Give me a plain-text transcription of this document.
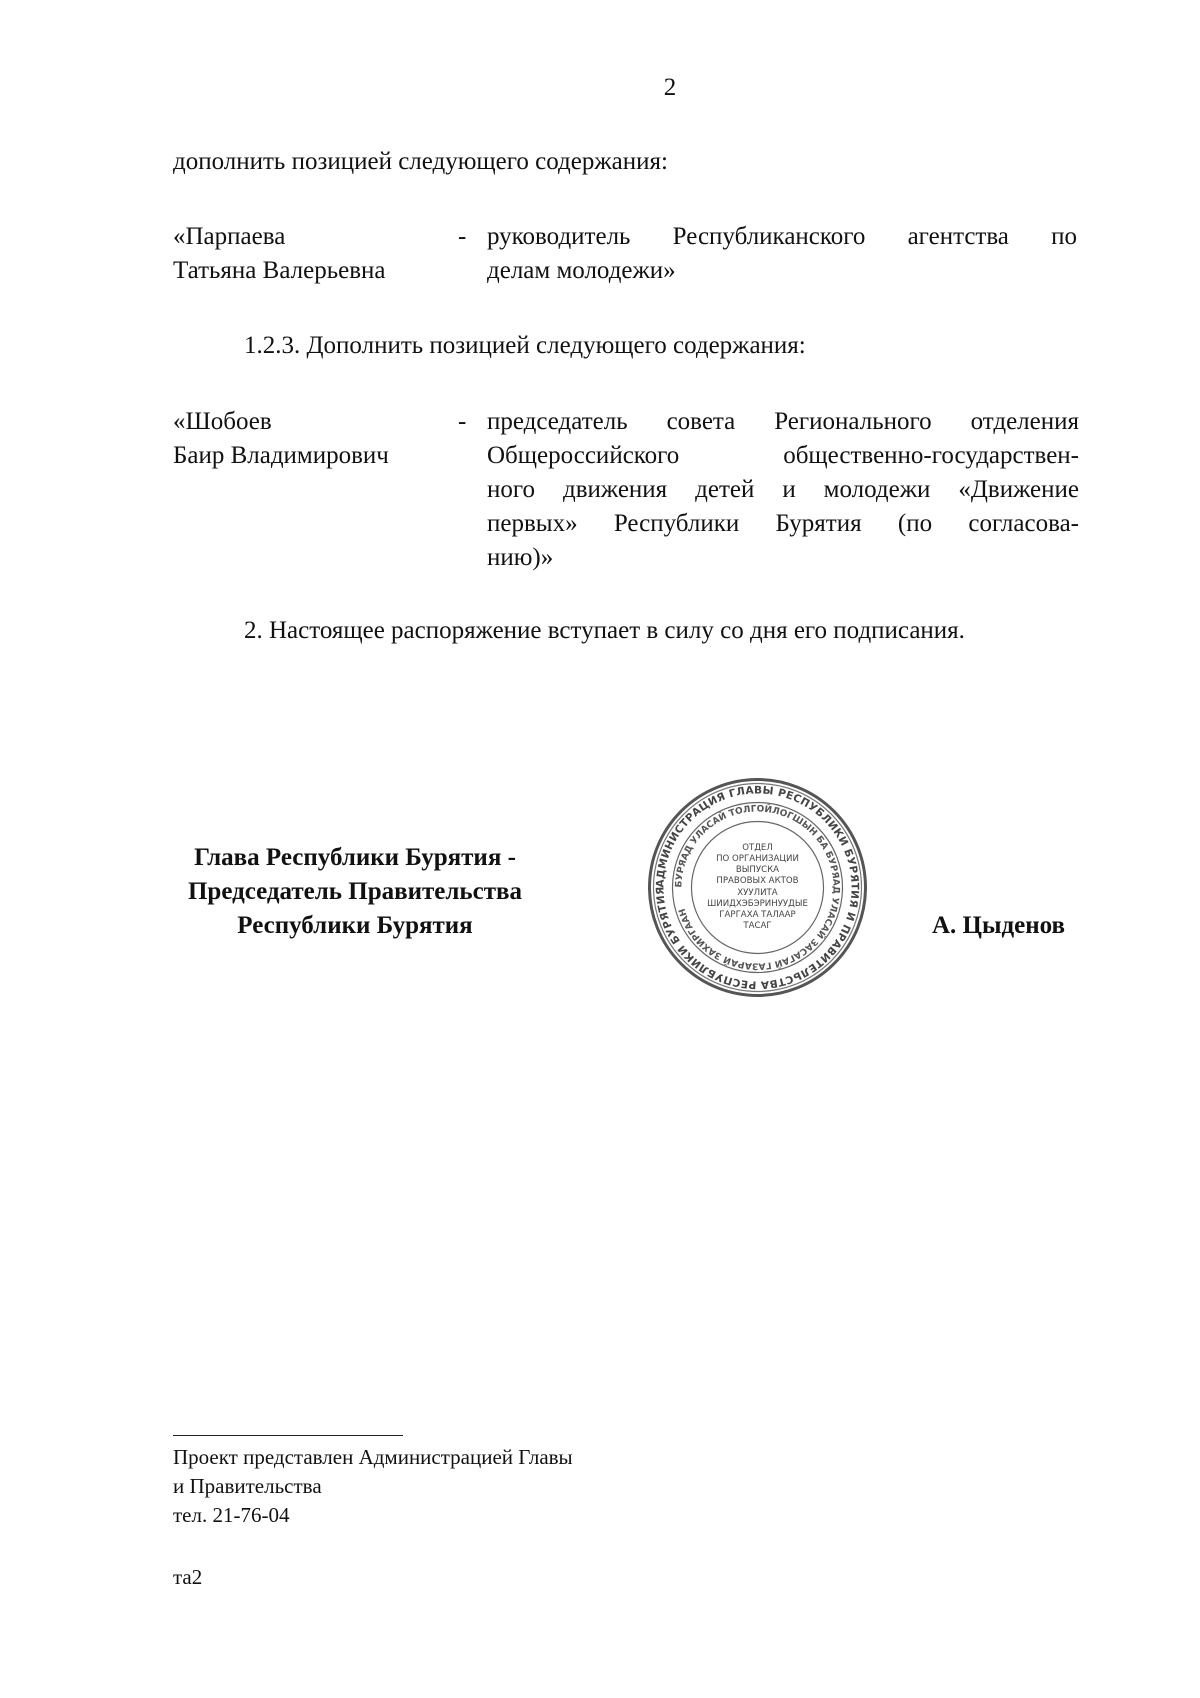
2
дополнить позицией следующего содержания:
«Парпаева
Татьяна Валерьевна
- руководитель Республиканского агентства по
делам молодежи»
1.2.3. Дополнить позицией следующего содержания:
«Шобоев
Баир Владимирович
- председатель совета Регионального отделения
Общероссийского общественно-государствен-
ного движения детей и молодежи «Движение
первых» Республики Бурятия (по согласова-
нию)»
2. Настоящее распоряжение вступает в силу со дня его подписания.
Глава Республики Бурятия -
Председатель Правительства
Республики Бурятия	А. Цыденов
АДМИНИСТРАЦИЯ ГЛАВЫ РЕСПУБЛИКИ БУРЯТИЯ И ПРАВИТЕЛЬСТВА РЕСПУБЛИКИ БУРЯТИЯ
БУРЯАД УЛАСАЙ ТОЛГОЙЛОГШЫН БА БУРЯАД УЛАСАЙ ЗАСАГАЙ ГАЗАРАЙ ЗАХИРГААН
ОТДЕЛ
ПО ОРГАНИЗАЦИИ
ВЫПУСКА
ПРАВОВЫХ АКТОВ
ХУУЛИТА
ШИИДХЭБЭРИНУУДЫЕ
ГАРГАХА ТАЛААР
ТАСАГ
Проект представлен Администрацией Главы
и Правительства
тел. 21-76-04
та2
